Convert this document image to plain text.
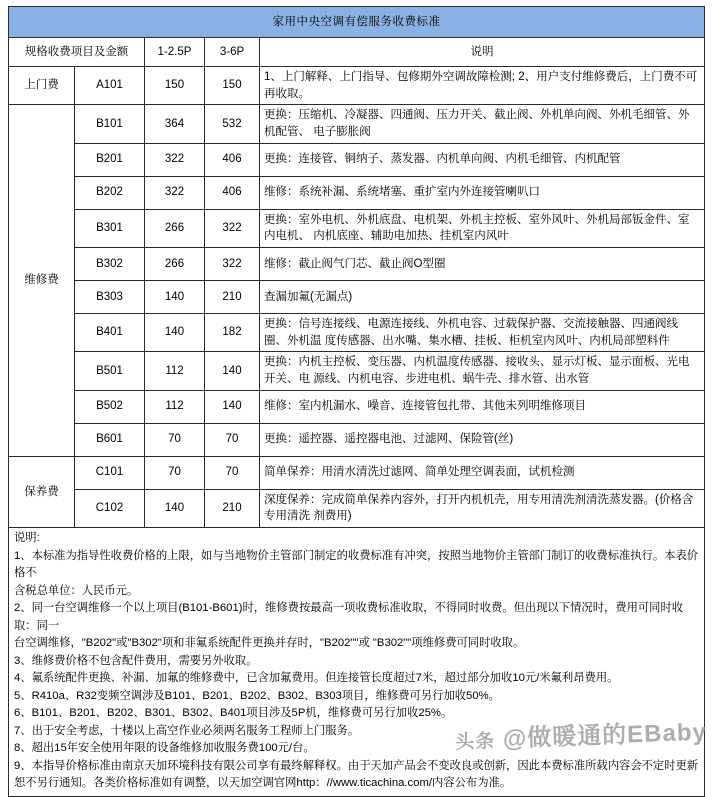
家用中央空调有偿服务收费标准				
规格收费项目及金额		1-2.5P	3-6P	说明
上门费	A101	150	150	1、上门解释、上门指导、包修期外空调故障检测; 2、用户支付维修费后，上门费不可再收取。
维修费	B101	364	532	更换：压缩机、冷凝器、四通阀、压力开关、截止阀、外机单向阀、外机毛细管、外机配管、 电子膨胀阀
	B201	322	406	更换：连接管、铜纳子、蒸发器、内机单向阀、内机毛细管、内机配管
	B202	322	406	维修：系统补漏、系统堵塞、重扩室内外连接管喇叭口
	B301	266	322	更换：室外电机、外机底盘、电机架、外机主控板、室外风叶、外机局部钣金件、室内电机、 内机底座、辅助电加热、挂机室内风叶
	B302	266	322	维修：截止阀气门芯、截止阀O型圈
	B303	140	210	查漏加氟(无漏点)
	B401	140	182	更换：信号连接线、电源连接线、外机电容、过载保护器、交流接触器、四通阀线圈、外机温 度传感器、出水嘴、集水槽、挂板、柜机室内风叶、内机局部塑料件
	B501	112	140	更换：内机主控板、变压器、内机温度传感器、接收头、显示灯板、显示面板、光电开关、电 源线、内机电容、步进电机、蜗牛壳、排水管、出水管
	B502	112	140	维修：室内机漏水、噪音、连接管包扎带、其他未列明维修项目
	B601	70	70	更换：遥控器、遥控器电池、过滤网、保险管(丝)
保养费	C101	70	70	简单保养：用清水清洗过滤网、简单处理空调表面，试机检测
	C102	140	210	深度保养：完成简单保养内容外，打开内机机壳，用专用清洗剂清洗蒸发器。(价格含专用清洗 剂费用)

说明:

1、本标准为指导性收费价格的上限，如与当地物价主管部门制定的收费标准有冲突，按照当地物价主管部门制订的收费标准执行。本表价格不
含税总单位：人民币元。

2、同一台空调维修一个以上项目(B101-B601)时，维修费按最高一项收费标准收取，不得同时收费。但出现以下情况时，费用可同时收取：同一
台空调维修，"B202"或"B302"项和非氟系统配件更换并存时，"B202""或 "B302""项维修费可同时收取。

3、维修费价格不包含配件费用，需要另外收取。

4、氟系统配件更换、补漏、加氟的维修费中，已含加氟费用。但连接管长度超过7米，超过部分加收10元/米氟利昂费用。

5、R410a、R32变频空调涉及B101、B201、B202、B302、B303项目，维修费可另行加收50%。

6、B101、B201、B202、B301、B302、B401项目涉及5P机，维修费可另行加收25%。

7、出于安全考虑，十楼以上高空作业必须两名服务工程师上门服务。

8、超出15年安全使用年限的设备维修加收服务费100元/台。

9、本指导价格标准由南京天加环境科技有限公司享有最终解释权。由于天加产品会不变改良或创新，因此本费标准所载内容会不定时更新
恕不另行通知。各类价格标准如有调整，以天加空调官网http：//www.ticachina.com/内容公布为准。

头条 @做暖通的EBaby
